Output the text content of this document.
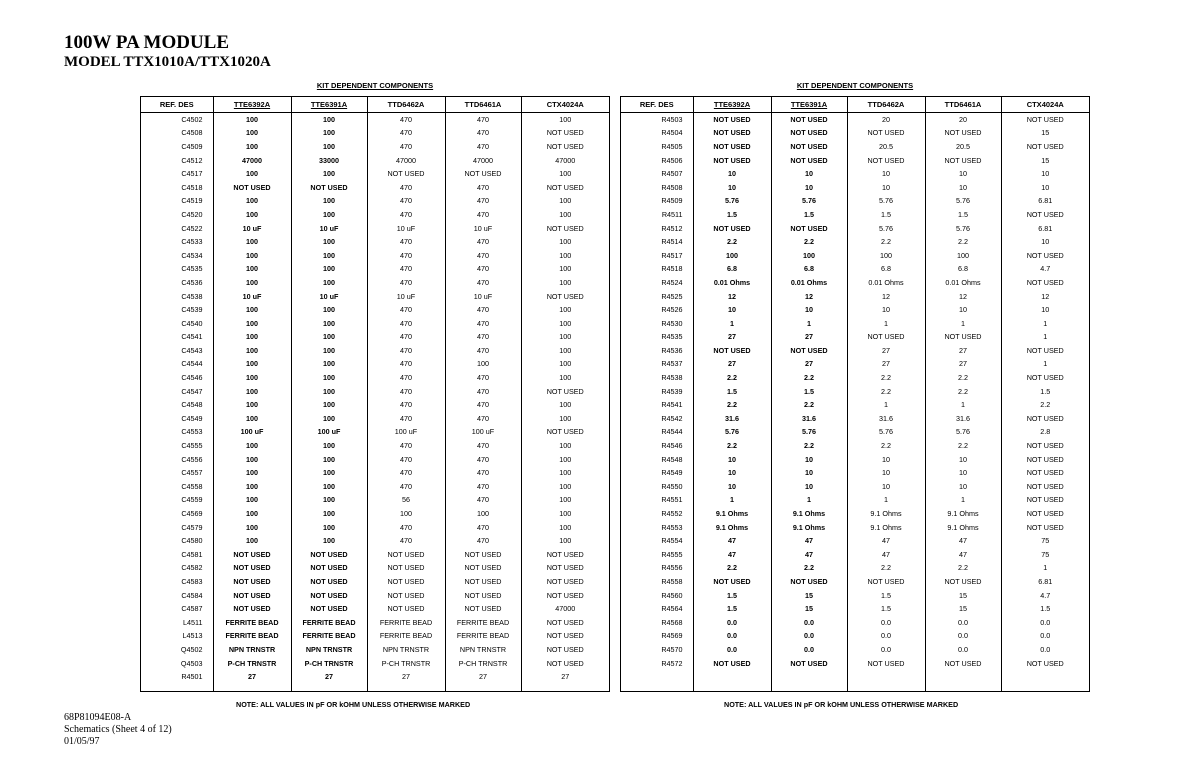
100W PA MODULE
MODEL TTX1010A/TTX1020A
KIT DEPENDENT COMPONENTS	KIT DEPENDENT COMPONENTS
REF. DES	TTE6392A	TTE6391A	TTD6462A	TTD6461A	CTX4024A
C4502	100	100	470	470	100
C4508	100	100	470	470	NOT USED
C4509	100	100	470	470	NOT USED
C4512	47000	33000	47000	47000	47000
C4517	100	100	NOT USED	NOT USED	100
C4518	NOT USED	NOT USED	470	470	NOT USED
C4519	100	100	470	470	100
C4520	100	100	470	470	100
C4522	10 uF	10 uF	10 uF	10 uF	NOT USED
C4533	100	100	470	470	100
C4534	100	100	470	470	100
C4535	100	100	470	470	100
C4536	100	100	470	470	100
C4538	10 uF	10 uF	10 uF	10 uF	NOT USED
C4539	100	100	470	470	100
C4540	100	100	470	470	100
C4541	100	100	470	470	100
C4543	100	100	470	470	100
C4544	100	100	470	100	100
C4546	100	100	470	470	100
C4547	100	100	470	470	NOT USED
C4548	100	100	470	470	100
C4549	100	100	470	470	100
C4553	100 uF	100 uF	100 uF	100 uF	NOT USED
C4555	100	100	470	470	100
C4556	100	100	470	470	100
C4557	100	100	470	470	100
C4558	100	100	470	470	100
C4559	100	100	56	470	100
C4569	100	100	100	100	100
C4579	100	100	470	470	100
C4580	100	100	470	470	100
C4581	NOT USED	NOT USED	NOT USED	NOT USED	NOT USED
C4582	NOT USED	NOT USED	NOT USED	NOT USED	NOT USED
C4583	NOT USED	NOT USED	NOT USED	NOT USED	NOT USED
C4584	NOT USED	NOT USED	NOT USED	NOT USED	NOT USED
C4587	NOT USED	NOT USED	NOT USED	NOT USED	47000
L4511	FERRITE BEAD	FERRITE BEAD	FERRITE BEAD	FERRITE BEAD	NOT USED
L4513	FERRITE BEAD	FERRITE BEAD	FERRITE BEAD	FERRITE BEAD	NOT USED
Q4502	NPN TRNSTR	NPN TRNSTR	NPN TRNSTR	NPN TRNSTR	NOT USED
Q4503	P-CH TRNSTR	P-CH TRNSTR	P-CH TRNSTR	P-CH TRNSTR	NOT USED
R4501	27	27	27	27	27

REF. DES	TTE6392A	TTE6391A	TTD6462A	TTD6461A	CTX4024A
R4503	NOT USED	NOT USED	20	20	NOT USED
R4504	NOT USED	NOT USED	NOT USED	NOT USED	15
R4505	NOT USED	NOT USED	20.5	20.5	NOT USED
R4506	NOT USED	NOT USED	NOT USED	NOT USED	15
R4507	10	10	10	10	10
R4508	10	10	10	10	10
R4509	5.76	5.76	5.76	5.76	6.81
R4511	1.5	1.5	1.5	1.5	NOT USED
R4512	NOT USED	NOT USED	5.76	5.76	6.81
R4514	2.2	2.2	2.2	2.2	10
R4517	100	100	100	100	NOT USED
R4518	6.8	6.8	6.8	6.8	4.7
R4524	0.01 Ohms	0.01 Ohms	0.01 Ohms	0.01 Ohms	NOT USED
R4525	12	12	12	12	12
R4526	10	10	10	10	10
R4530	1	1	1	1	1
R4535	27	27	NOT USED	NOT USED	1
R4536	NOT USED	NOT USED	27	27	NOT USED
R4537	27	27	27	27	1
R4538	2.2	2.2	2.2	2.2	NOT USED
R4539	1.5	1.5	2.2	2.2	1.5
R4541	2.2	2.2	1	1	2.2
R4542	31.6	31.6	31.6	31.6	NOT USED
R4544	5.76	5.76	5.76	5.76	2.8
R4546	2.2	2.2	2.2	2.2	NOT USED
R4548	10	10	10	10	NOT USED
R4549	10	10	10	10	NOT USED
R4550	10	10	10	10	NOT USED
R4551	1	1	1	1	NOT USED
R4552	9.1 Ohms	9.1 Ohms	9.1 Ohms	9.1 Ohms	NOT USED
R4553	9.1 Ohms	9.1 Ohms	9.1 Ohms	9.1 Ohms	NOT USED
R4554	47	47	47	47	75
R4555	47	47	47	47	75
R4556	2.2	2.2	2.2	2.2	1
R4558	NOT USED	NOT USED	NOT USED	NOT USED	6.81
R4560	1.5	15	1.5	15	4.7
R4564	1.5	15	1.5	15	1.5
R4568	0.0	0.0	0.0	0.0	0.0
R4569	0.0	0.0	0.0	0.0	0.0
R4570	0.0	0.0	0.0	0.0	0.0
R4572	NOT USED	NOT USED	NOT USED	NOT USED	NOT USED

NOTE: ALL VALUES IN pF OR kOHM UNLESS OTHERWISE MARKED	NOTE: ALL VALUES IN pF OR kOHM UNLESS OTHERWISE MARKED
68P81094E08-A
Schematics (Sheet 4 of 12)
01/05/97
